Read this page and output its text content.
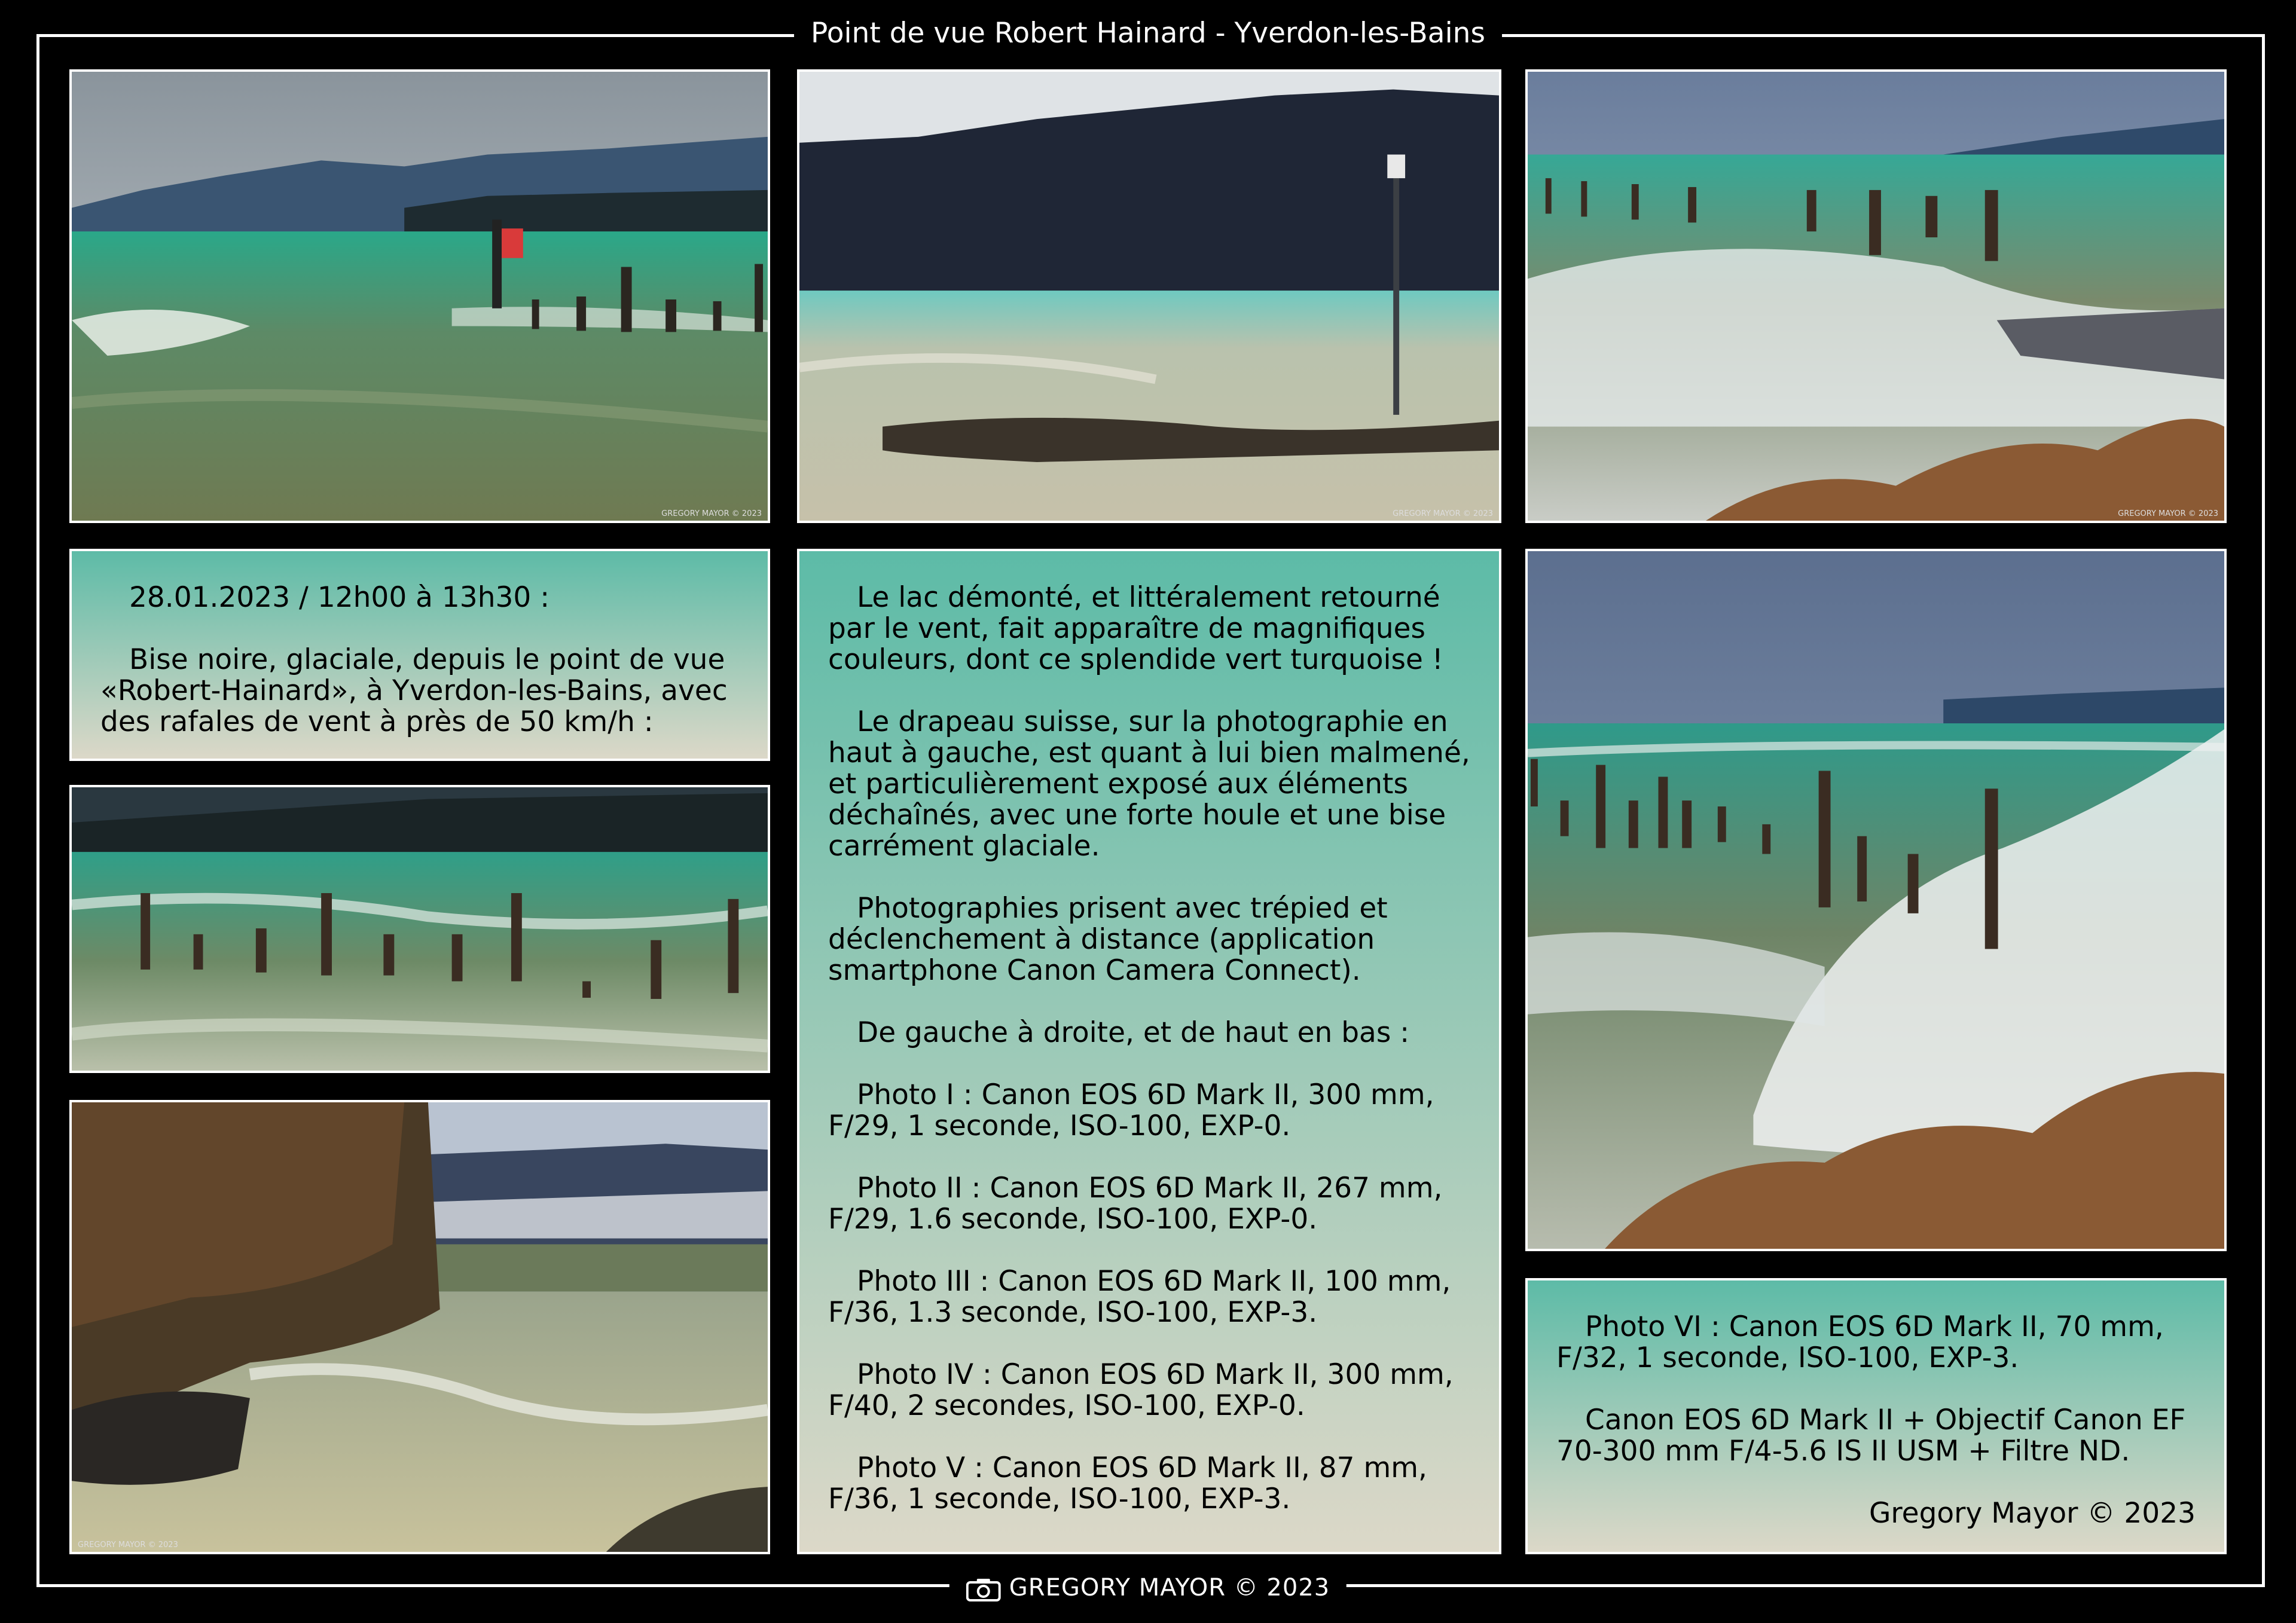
Point de vue Robert Hainard - Yverdon-les-Bains
GREGORY MAYOR © 2023	GREGORY MAYOR © 2023	GREGORY MAYOR © 2023

28.01.2023 / 12h00 à 13h30 :

Bise noire, glaciale, depuis le point de vue «Robert-Hainard», à Yverdon-les-Bains, avec des rafales de vent à près de 50 km/h :

GREGORY MAYOR © 2023

Le lac démonté, et littéralement retourné par le vent, fait apparaître de magnifiques couleurs, dont ce splendide vert turquoise !

Le drapeau suisse, sur la photographie en haut à gauche, est quant à lui bien malmené, et particulièrement exposé aux éléments déchaînés, avec une forte houle et une bise carrément glaciale.

Photographies prisent avec trépied et déclenchement à distance (application smartphone Canon Camera Connect).

De gauche à droite, et de haut en bas :

Photo I : Canon EOS 6D Mark II, 300 mm, F/29, 1 seconde, ISO-100, EXP-0.

Photo II : Canon EOS 6D Mark II, 267 mm, F/29, 1.6 seconde, ISO-100, EXP-0.

Photo III : Canon EOS 6D Mark II, 100 mm, F/36, 1.3 seconde, ISO-100, EXP-3.

Photo IV : Canon EOS 6D Mark II, 300 mm, F/40, 2 secondes, ISO-100, EXP-0.

Photo V : Canon EOS 6D Mark II, 87 mm, F/36, 1 seconde, ISO-100, EXP-3.

Photo VI : Canon EOS 6D Mark II, 70 mm, F/32, 1 seconde, ISO-100, EXP-3.

Canon EOS 6D Mark II + Objectif Canon EF 70-300 mm F/4-5.6 IS II USM + Filtre ND.

Gregory Mayor © 2023

GREGORY MAYOR © 2023
